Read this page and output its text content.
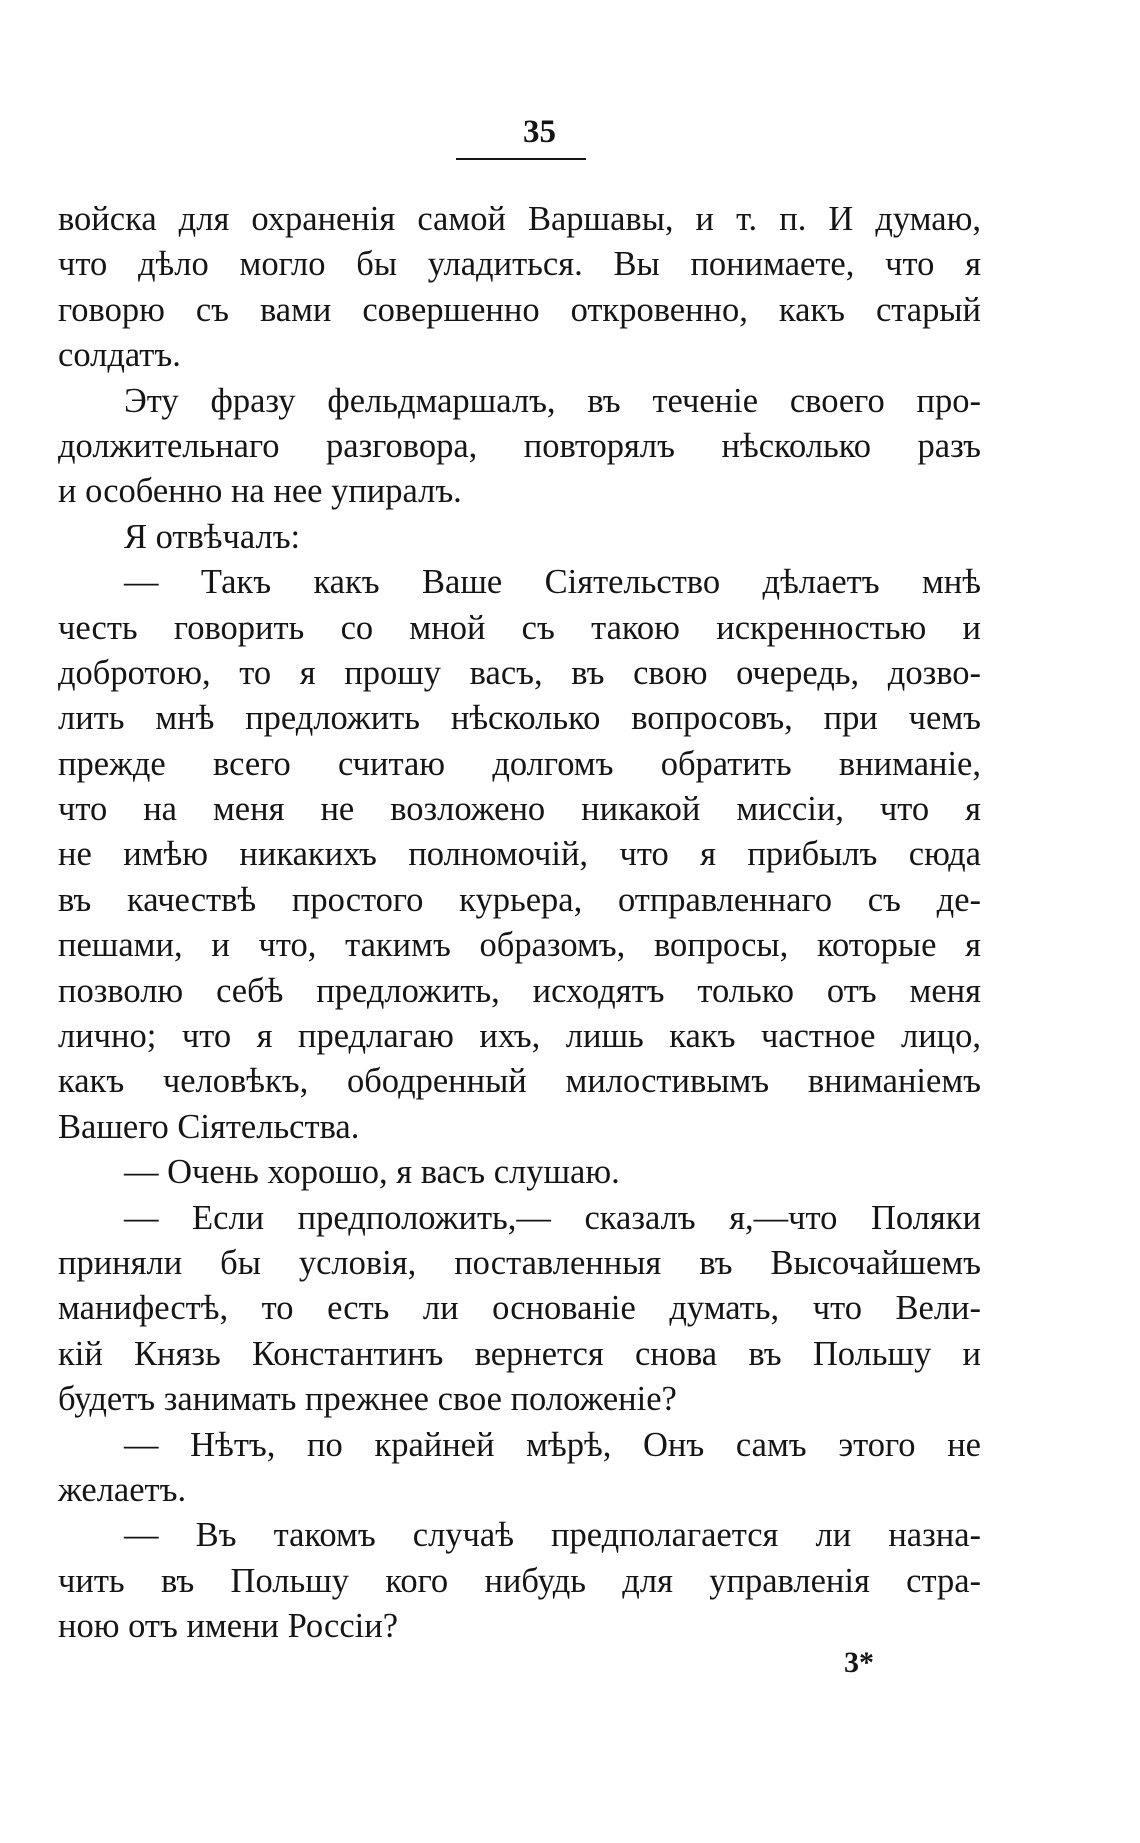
35
войска для охраненія самой Варшавы, и т. п. И думаю,
что дѣло могло бы уладиться. Вы понимаете, что я
говорю съ вами совершенно откровенно, какъ старый
солдатъ.
Эту фразу фельдмаршалъ, въ теченіе своего про-
должительнаго разговора, повторялъ нѣсколько разъ
и особенно на нее упиралъ.
Я отвѣчалъ:
— Такъ какъ Ваше Сіятельство дѣлаетъ мнѣ
честь говорить со мной съ такою искренностью и
добротою, то я прошу васъ, въ свою очередь, дозво-
лить мнѣ предложить нѣсколько вопросовъ, при чемъ
прежде всего считаю долгомъ обратить вниманіе,
что на меня не возложено никакой миссіи, что я
не имѣю никакихъ полномочій, что я прибылъ сюда
въ качествѣ простого курьера, отправленнаго съ де-
пешами, и что, такимъ образомъ, вопросы, которые я
позволю себѣ предложить, исходятъ только отъ меня
лично; что я предлагаю ихъ, лишь какъ частное лицо,
какъ человѣкъ, ободренный милостивымъ вниманіемъ
Вашего Сіятельства.
— Очень хорошо, я васъ слушаю.
— Если предположить,— сказалъ я,—что Поляки
приняли бы условія, поставленныя въ Высочайшемъ
манифестѣ, то есть ли основаніе думать, что Вели-
кій Князь Константинъ вернется снова въ Польшу и
будетъ занимать прежнее свое положеніе?
— Нѣтъ, по крайней мѣрѣ, Онъ самъ этого не
желаетъ.
— Въ такомъ случаѣ предполагается ли назна-
чить въ Польшу кого нибудь для управленія стра-
ною отъ имени Россіи?
3*
